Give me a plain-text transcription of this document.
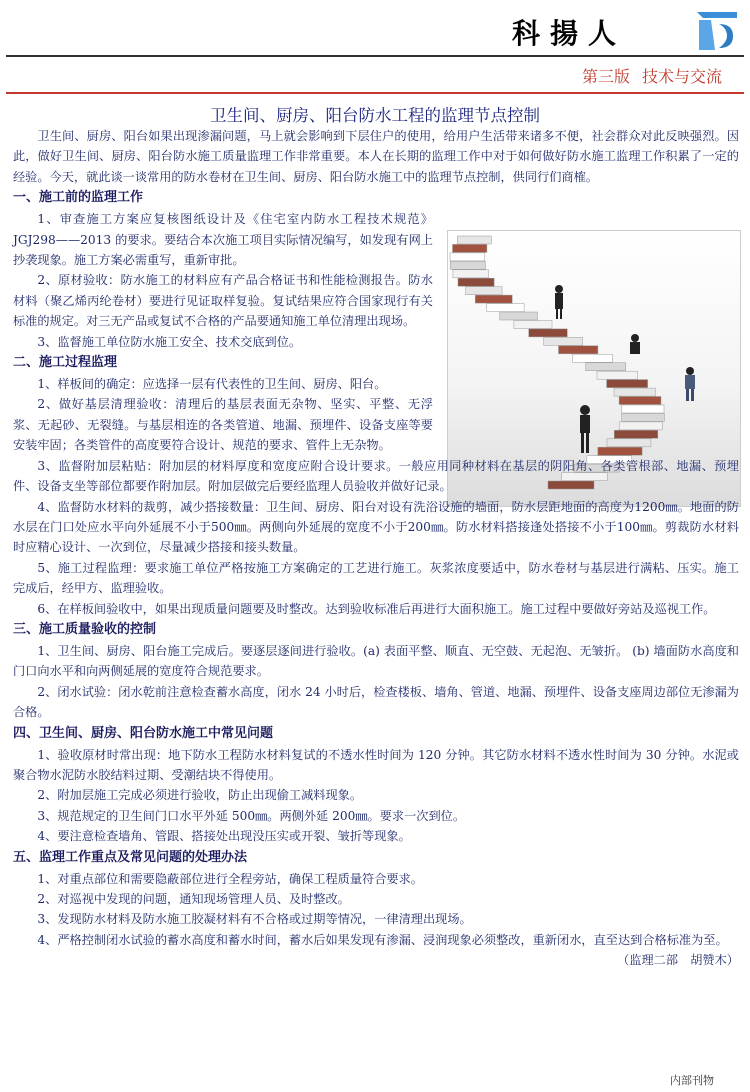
科揚人
第三版 技术与交流
卫生间、厨房、阳台防水工程的监理节点控制

卫生间、厨房、阳台如果出现渗漏问题，马上就会影响到下层住户的使用，给用户生活带来诸多不便，社会群众对此反映强烈。因此，做好卫生间、厨房、阳台防水施工质量监理工作非常重要。本人在长期的监理工作中对于如何做好防水施工监理工作积累了一定的经验。今天，就此谈一谈常用的防水卷材在卫生间、厨房、阳台防水施工中的监理节点控制，供同行们商榷。

一、施工前的监理工作

1、审查施工方案应复核图纸设计及《住宅室内防水工程技术规范》JGJ298——2013 的要求。要结合本次施工项目实际情况编写，如发现有网上抄袭现象。施工方案必需重写，重新审批。

2、原材验收：防水施工的材料应有产品合格证书和性能检测报告。防水材料（聚乙烯丙纶卷材）要进行见证取样复验。复试结果应符合国家现行有关标准的规定。对三无产品或复试不合格的产品要通知施工单位清理出现场。

3、监督施工单位防水施工安全、技术交底到位。

二、施工过程监理

1、样板间的确定：应选择一层有代表性的卫生间、厨房、阳台。

2、做好基层清理验收：清理后的基层表面无杂物、坚实、平整、无浮浆、无起砂、无裂缝。与基层相连的各类管道、地漏、预埋件、设备支座等要安装牢固；各类管件的高度要符合设计、规范的要求、管件上无杂物。

3、监督附加层粘贴：附加层的材料厚度和宽度应附合设计要求。一般应用同种材料在基层的阴阳角、各类管根部、地漏、预埋件、设备支坐等部位都要作附加层。附加层做完后要经监理人员验收并做好记录。

4、监督防水材料的裁剪，减少搭接数量：卫生间、厨房、阳台对设有洗浴设施的墙面，防水层距地面的高度为1200㎜。地面的防水层在门口处应水平向外延展不小于500㎜。两侧向外延展的宽度不小于200㎜。防水材料搭接逢处搭接不小于100㎜。剪裁防水材料时应精心设计、一次到位，尽量减少搭接和接头数量。

5、施工过程监理：要求施工单位严格按施工方案确定的工艺进行施工。灰浆浓度要适中，防水卷材与基层进行满粘、压实。施工完成后，经甲方、监理验收。

6、在样板间验收中，如果出现质量问题要及时整改。达到验收标准后再进行大面积施工。施工过程中要做好旁站及巡视工作。

三、施工质量验收的控制

1、卫生间、厨房、阳台施工完成后。要逐层逐间进行验收。(a) 表面平整、顺直、无空鼓、无起泡、无皱折。 (b) 墙面防水高度和门口向水平和向两侧延展的宽度符合规范要求。

2、闭水试验：闭水乾前注意检查蓄水高度，闭水 24 小时后，检查楼板、墙角、管道、地漏、预埋件、设备支座周边部位无渗漏为合格。

四、卫生间、厨房、阳台防水施工中常见问题

1、验收原材时常出现：地下防水工程防水材料复试的不透水性时间为 120 分钟。其它防水材料不透水性时间为 30 分钟。水泥或聚合物水泥防水胶结料过期、受潮结块不得使用。

2、附加层施工完成必须进行验收，防止出现偷工减料现象。

3、规范规定的卫生间门口水平外延 500㎜。两侧外延 200㎜。要求一次到位。

4、要注意检查墙角、管跟、搭接处出现没压实或开裂、皱折等现象。

五、监理工作重点及常见问题的处理办法

1、对重点部位和需要隐蔽部位进行全程旁站，确保工程质量符合要求。

2、对巡视中发现的问题，通知现场管理人员、及时整改。

3、发现防水材料及防水施工胶凝材料有不合格或过期等情况，一律清理出现场。

4、严格控制闭水试验的蓄水高度和蓄水时间，蓄水后如果发现有渗漏、浸润现象必须整改，重新闭水，直至达到合格标准为至。
（监理二部　胡赞木）

内部刊物
